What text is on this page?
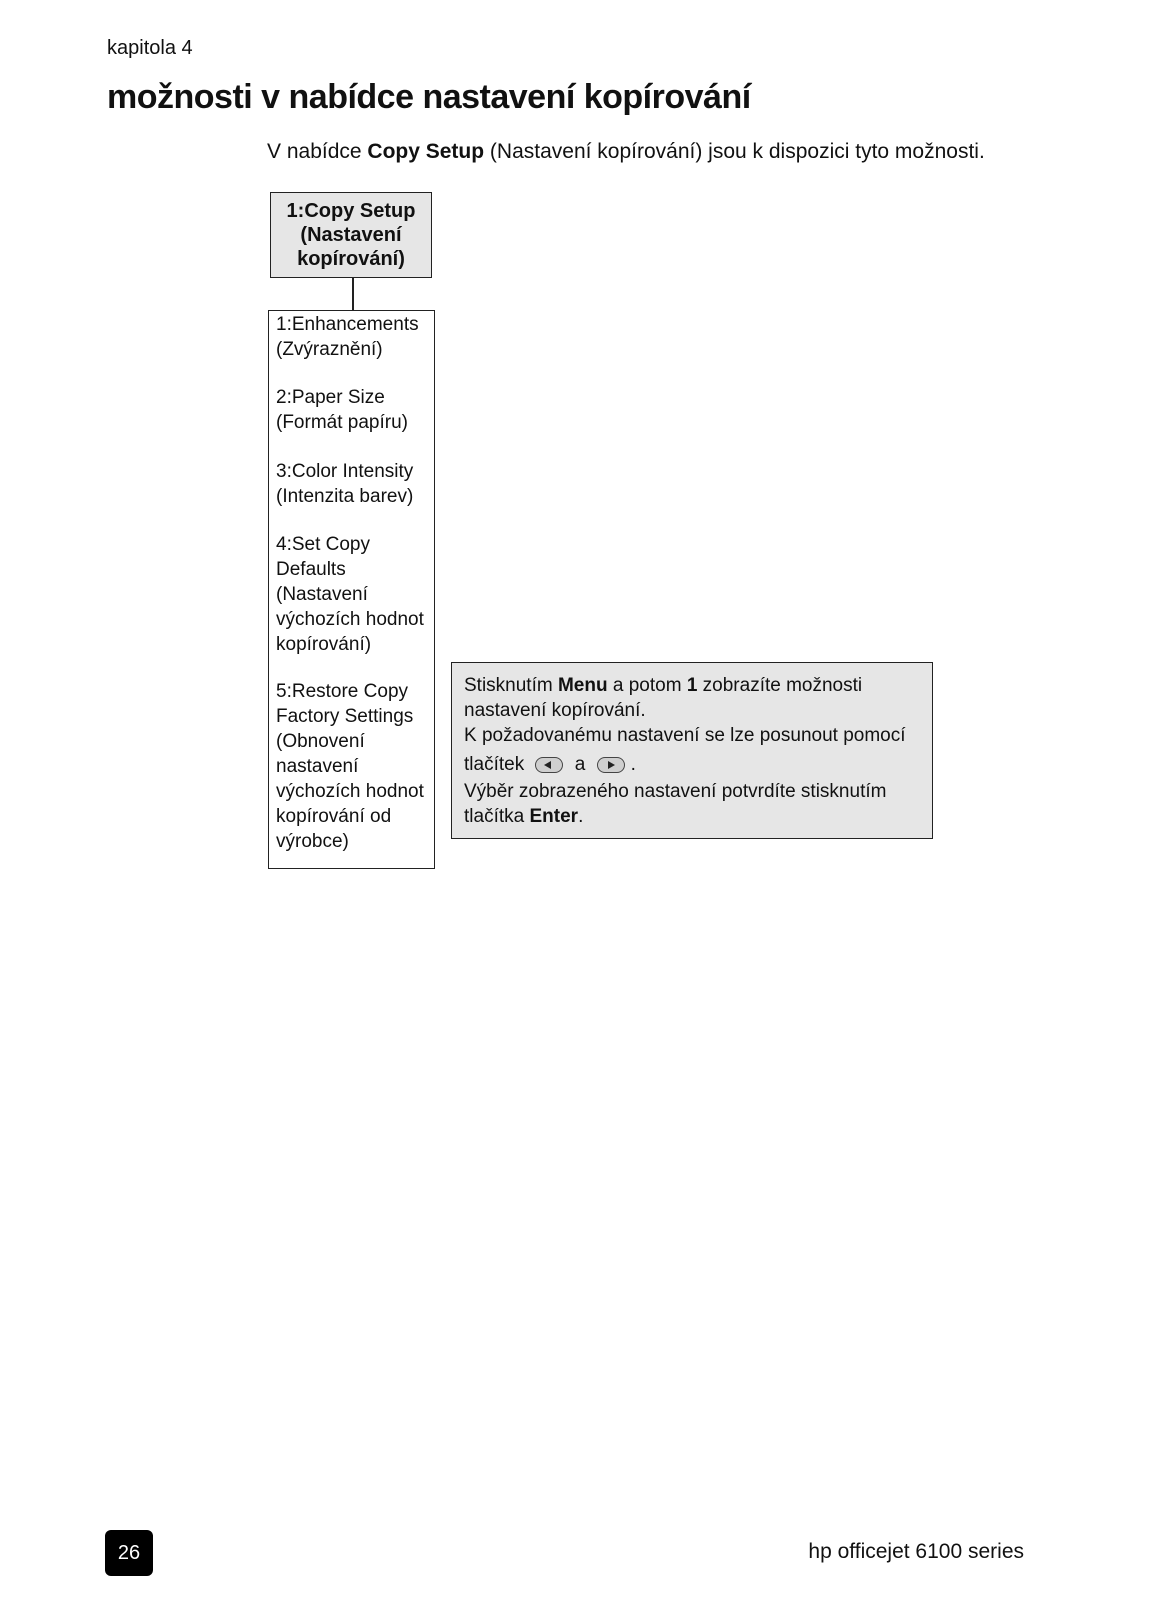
kapitola 4
možnosti v nabídce nastavení kopírování
V nabídce Copy Setup (Nastavení kopírování) jsou k dispozici tyto možnosti.
1:Copy Setup
(Nastavení
kopírování)
1:Enhancements
(Zvýraznění)
2:Paper Size
(Formát papíru)
3:Color Intensity
(Intenzita barev)
4:Set Copy
Defaults
(Nastavení
výchozích hodnot
kopírování)
5:Restore Copy
Factory Settings
(Obnovení
nastavení
výchozích hodnot
kopírování od
výrobce)
Stisknutím Menu a potom 1 zobrazíte možnosti
nastavení kopírování.
K požadovanému nastavení se lze posunout pomocí
tlačítek	a .
Výběr zobrazeného nastavení potvrdíte stisknutím
tlačítka Enter.
26	hp officejet 6100 series
